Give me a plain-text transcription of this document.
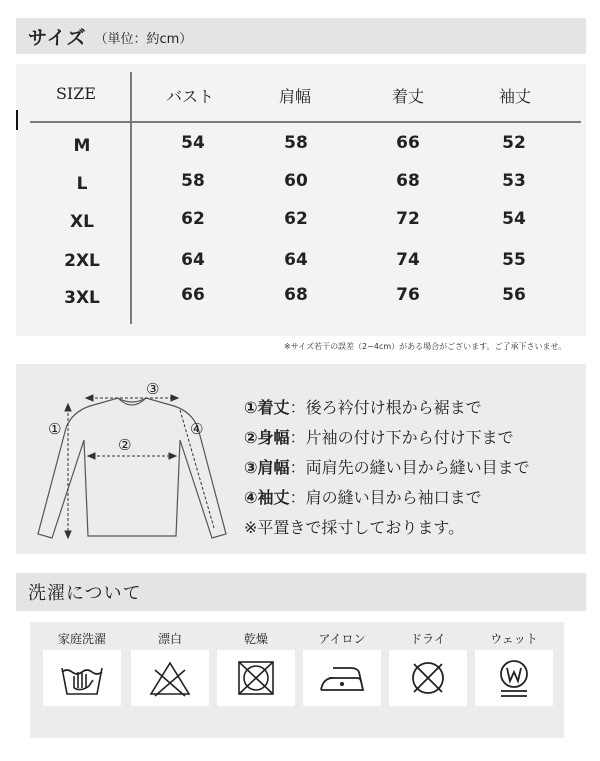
サイズ （単位：約cm）
SIZE	バスト	肩幅	着丈	袖丈
M	54	58	66	52
L	58	60	68	53
XL	62	62	72	54
2XL	64	64	74	55
3XL	66	68	76	56
※サイズ若干の誤差（2~4cm）がある場合がございます。ご了承下さいませ。
③
①
②
④
①着丈：後ろ衿付け根から裾まで
②身幅：片袖の付け下から付け下まで
③肩幅：両肩先の縫い目から縫い目まで
④袖丈：肩の縫い目から袖口まで
※平置きで採寸しております。
洗濯について
家庭洗濯	漂白	乾燥	アイロン	ドライ	ウェット
